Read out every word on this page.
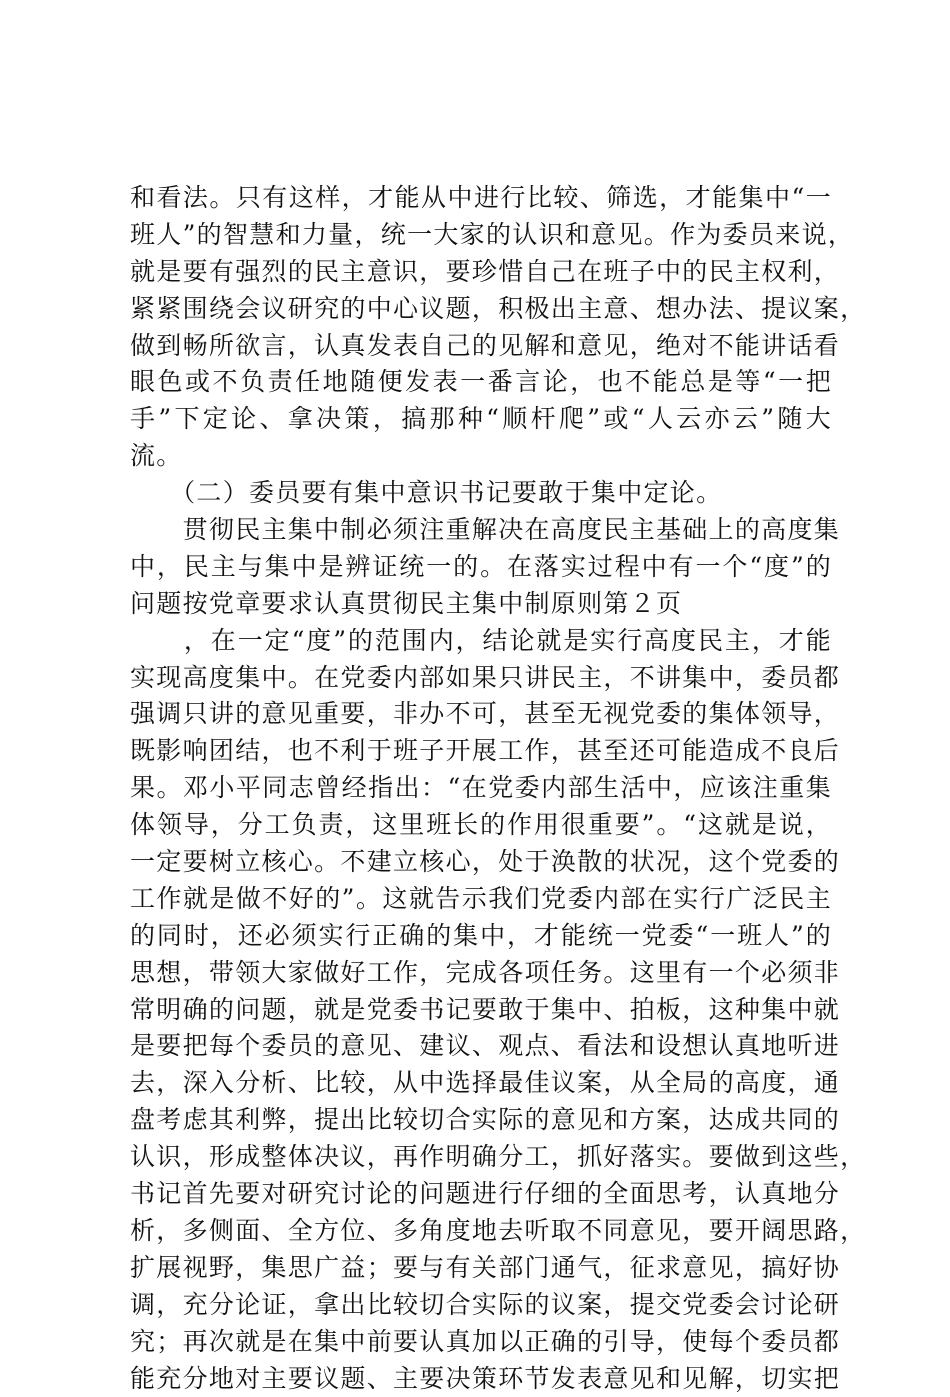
和看法。只有这样，才能从中进行比较、筛选，才能集中“一
班人”的智慧和力量，统一大家的认识和意见。作为委员来说，
就是要有强烈的民主意识，要珍惜自己在班子中的民主权利，
紧紧围绕会议研究的中心议题，积极出主意、想办法、提议案，
做到畅所欲言，认真发表自己的见解和意见，绝对不能讲话看
眼色或不负责任地随便发表一番言论，也不能总是等“一把
手”下定论、拿决策，搞那种“顺杆爬”或“人云亦云”随大
流。
　　（二）委员要有集中意识书记要敢于集中定论。
　　贯彻民主集中制必须注重解决在高度民主基础上的高度集
中，民主与集中是辨证统一的。在落实过程中有一个“度”的
问题按党章要求认真贯彻民主集中制原则第２页
　　，在一定“度”的范围内，结论就是实行高度民主，才能
实现高度集中。在党委内部如果只讲民主，不讲集中，委员都
强调只讲的意见重要，非办不可，甚至无视党委的集体领导，
既影响团结，也不利于班子开展工作，甚至还可能造成不良后
果。邓小平同志曾经指出：“在党委内部生活中，应该注重集
体领导，分工负责，这里班长的作用很重要”。“这就是说，
一定要树立核心。不建立核心，处于涣散的状况，这个党委的
工作就是做不好的”。这就告示我们党委内部在实行广泛民主
的同时，还必须实行正确的集中，才能统一党委“一班人”的
思想，带领大家做好工作，完成各项任务。这里有一个必须非
常明确的问题，就是党委书记要敢于集中、拍板，这种集中就
是要把每个委员的意见、建议、观点、看法和设想认真地听进
去，深入分析、比较，从中选择最佳议案，从全局的高度，通
盘考虑其利弊，提出比较切合实际的意见和方案，达成共同的
认识，形成整体决议，再作明确分工，抓好落实。要做到这些，
书记首先要对研究讨论的问题进行仔细的全面思考，认真地分
析，多侧面、全方位、多角度地去听取不同意见，要开阔思路，
扩展视野，集思广益；要与有关部门通气，征求意见，搞好协
调，充分论证，拿出比较切合实际的议案，提交党委会讨论研
究；再次就是在集中前要认真加以正确的引导，使每个委员都
能充分地对主要议题、主要决策环节发表意见和见解，切实把
